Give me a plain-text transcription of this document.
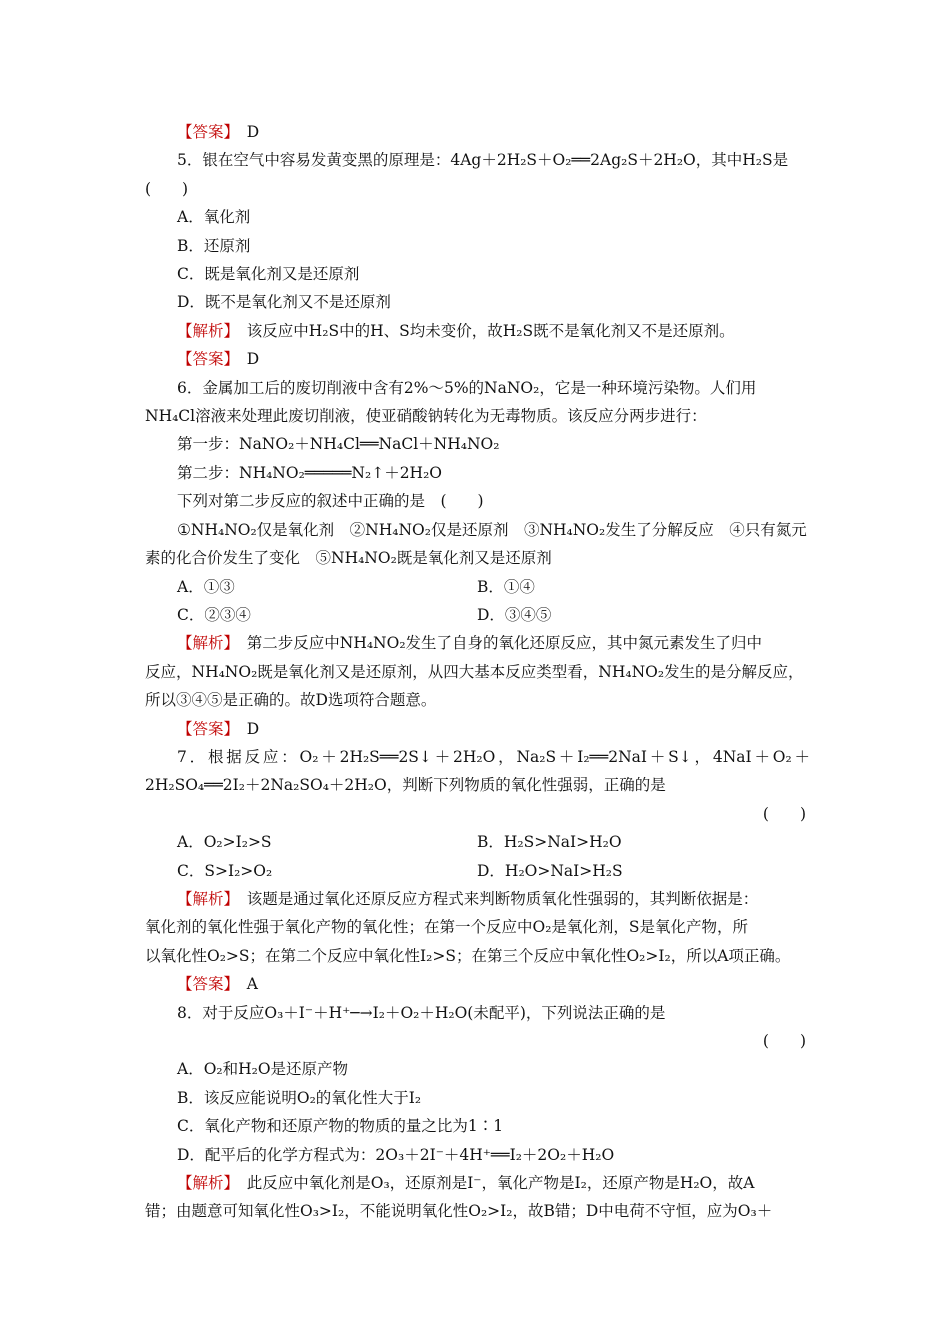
【答案】　D

5．银在空气中容易发黄变黑的原理是：4Ag＋2H₂S＋O₂══2Ag₂S＋2H₂O，其中H₂S是

(　　)

A．氧化剂

B．还原剂

C．既是氧化剂又是还原剂

D．既不是氧化剂又不是还原剂

【解析】　该反应中H₂S中的H、S均未变价，故H₂S既不是氧化剂又不是还原剂。

【答案】　D

6．金属加工后的废切削液中含有2%～5%的NaNO₂，它是一种环境污染物。人们用

NH₄Cl溶液来处理此废切削液，使亚硝酸钠转化为无毒物质。该反应分两步进行：

第一步：NaNO₂＋NH₄Cl══NaCl＋NH₄NO₂

第二步：NH₄NO₂═════N₂↑＋2H₂O

下列对第二步反应的叙述中正确的是　(　　)

①NH₄NO₂仅是氧化剂　②NH₄NO₂仅是还原剂　③NH₄NO₂发生了分解反应　④只有氮元

素的化合价发生了变化　⑤NH₄NO₂既是氧化剂又是还原剂

A．①③	B．①④
C．②③④	D．③④⑤

【解析】　第二步反应中NH₄NO₂发生了自身的氧化还原反应，其中氮元素发生了归中

反应，NH₄NO₂既是氧化剂又是还原剂，从四大基本反应类型看，NH₄NO₂发生的是分解反应，

所以③④⑤是正确的。故D选项符合题意。

【答案】　D

7．根据反应：O₂＋2H₂S══2S↓＋2H₂O，Na₂S＋I₂══2NaI＋S↓，4NaI＋O₂＋

2H₂SO₄══2I₂＋2Na₂SO₄＋2H₂O，判断下列物质的氧化性强弱，正确的是

(　　)

A．O₂>I₂>S	B．H₂S>NaI>H₂O
C．S>I₂>O₂	D．H₂O>NaI>H₂S

【解析】　该题是通过氧化还原反应方程式来判断物质氧化性强弱的，其判断依据是：

氧化剂的氧化性强于氧化产物的氧化性；在第一个反应中O₂是氧化剂，S是氧化产物，所

以氧化性O₂>S；在第二个反应中氧化性I₂>S；在第三个反应中氧化性O₂>I₂，所以A项正确。

【答案】　A

8．对于反应O₃＋I⁻＋H⁺─→I₂＋O₂＋H₂O(未配平)，下列说法正确的是

(　　)

A．O₂和H₂O是还原产物

B．该反应能说明O₂的氧化性大于I₂

C．氧化产物和还原产物的物质的量之比为1∶1

D．配平后的化学方程式为：2O₃＋2I⁻＋4H⁺══I₂＋2O₂＋H₂O

【解析】　此反应中氧化剂是O₃，还原剂是I⁻，氧化产物是I₂，还原产物是H₂O，故A

错；由题意可知氧化性O₃>I₂，不能说明氧化性O₂>I₂，故B错；D中电荷不守恒，应为O₃＋
